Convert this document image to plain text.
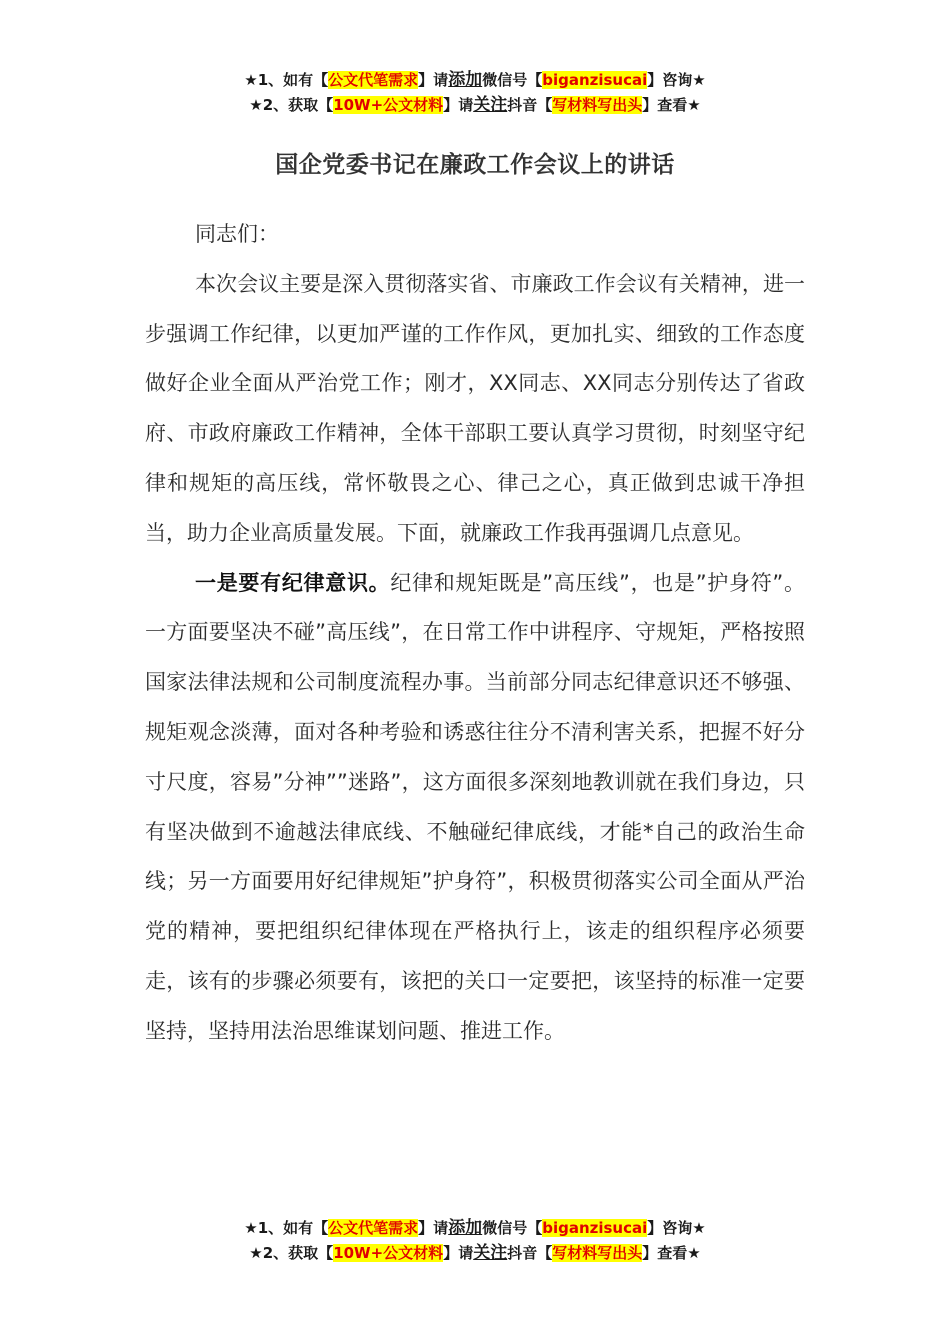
★1、如有【公文代笔需求】请添加微信号【biganzisucai】咨询★
★2、获取【10W+公文材料】请关注抖音【写材料写出头】查看★
国企党委书记在廉政工作会议上的讲话

同志们：

本次会议主要是深入贯彻落实省、市廉政工作会议有关精神，进一步强调工作纪律，以更加严谨的工作作风，更加扎实、细致的工作态度做好企业全面从严治党工作；刚才，XX同志、XX同志分别传达了省政府、市政府廉政工作精神，全体干部职工要认真学习贯彻，时刻坚守纪律和规矩的高压线，常怀敬畏之心、律己之心，真正做到忠诚干净担当，助力企业高质量发展。下面，就廉政工作我再强调几点意见。

一是要有纪律意识。纪律和规矩既是”高压线”，也是”护身符”。一方面要坚决不碰”高压线”，在日常工作中讲程序、守规矩，严格按照国家法律法规和公司制度流程办事。当前部分同志纪律意识还不够强、规矩观念淡薄，面对各种考验和诱惑往往分不清利害关系，把握不好分寸尺度，容易”分神””迷路”，这方面很多深刻地教训就在我们身边，只有坚决做到不逾越法律底线、不触碰纪律底线，才能*自己的政治生命线；另一方面要用好纪律规矩”护身符”，积极贯彻落实公司全面从严治党的精神，要把组织纪律体现在严格执行上，该走的组织程序必须要走，该有的步骤必须要有，该把的关口一定要把，该坚持的标准一定要坚持，坚持用法治思维谋划问题、推进工作。

★1、如有【公文代笔需求】请添加微信号【biganzisucai】咨询★
★2、获取【10W+公文材料】请关注抖音【写材料写出头】查看★
